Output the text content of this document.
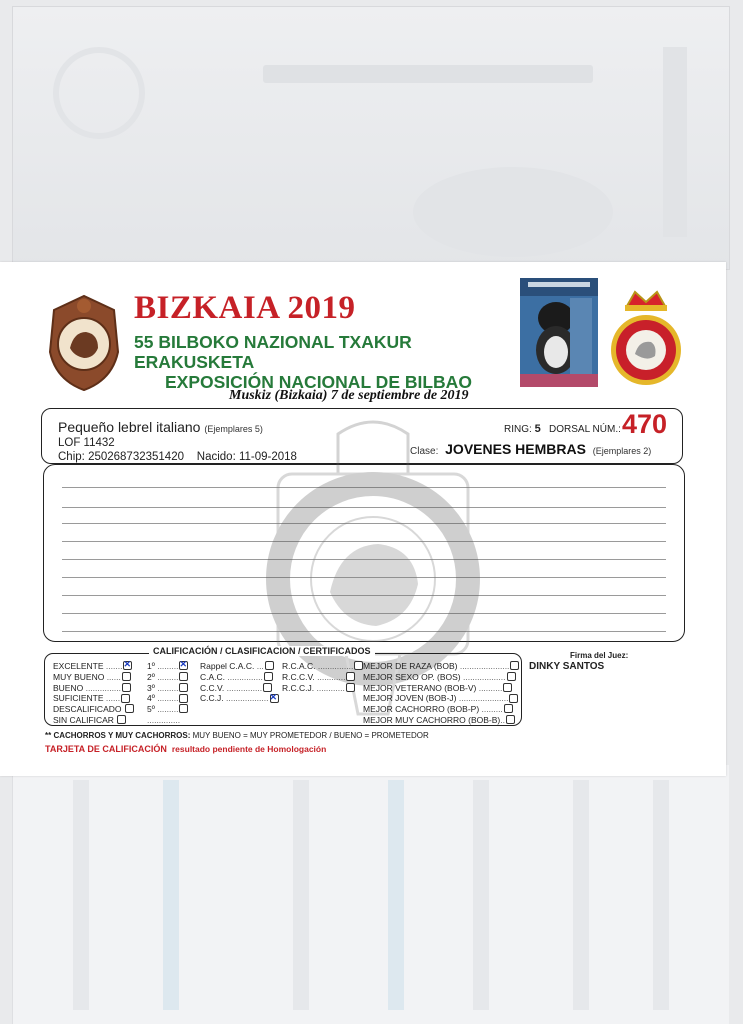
BIZKAIA 2019
55 BILBOKO NAZIONAL TXAKUR ERAKUSKETA
EXPOSICIÓN NACIONAL DE BILBAO
Muskiz (Bizkaia) 7 de septiembre de 2019
Pequeño lebrel italiano (Ejemplares 5)
LOF 11432
Chip: 250268732351420 Nacido: 11-09-2018
RING: 5 DORSAL NÚM.: 470
Clase: JOVENES HEMBRAS (Ejemplares 2)
CALIFICACIÓN / CLASIFICACION / CERTIFICADOS
EXCELENTE .......✕
MUY BUENO ......
BUENO ...............
SUFICIENTE ......
DESCALIFICADO
SIN CALIFICAR
1º .........✕
2º .........
3º .........
4º .........
5º .........
..............
Rappel C.A.C. ...
C.A.C. ...............
C.C.V. ...............
C.C.J. ..................✕
R.C.A.C. ...............
R.C.C.V. ............
R.C.C.J. ............
MEJOR DE RAZA (BOB) .....................
MEJOR SEXO OP. (BOS) ..................
MEJOR VETERANO (BOB-V) ..........
MEJOR JOVEN (BOB-J) .....................
MEJOR CACHORRO (BOB-P) .........
MEJOR MUY CACHORRO (BOB-B)..
Firma del Juez:
DINKY SANTOS
** CACHORROS Y MUY CACHORROS: MUY BUENO = MUY PROMETEDOR / BUENO = PROMETEDOR
TARJETA DE CALIFICACIÓN resultado pendiente de Homologación
